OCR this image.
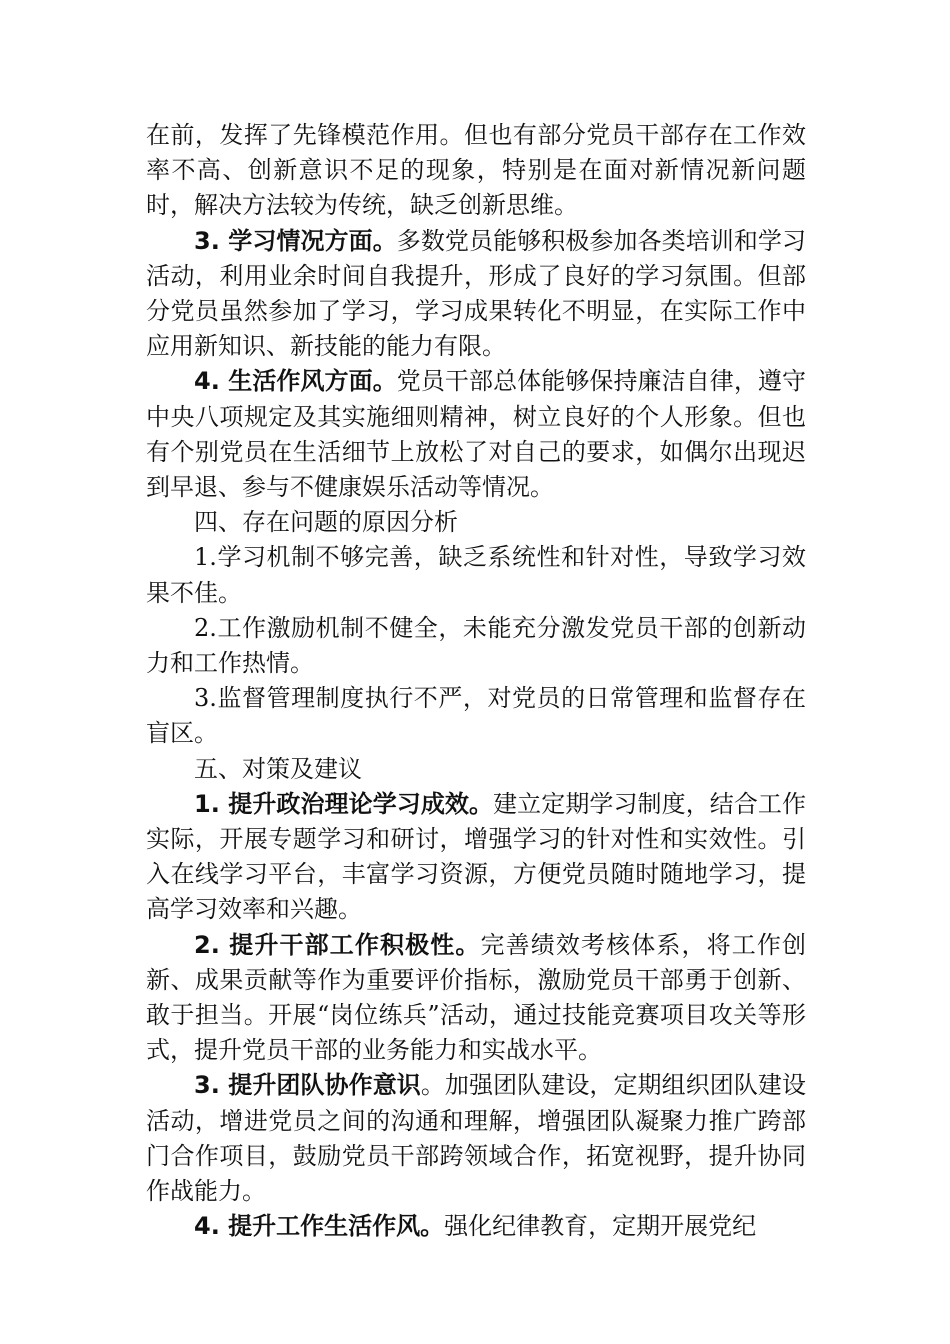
在前，发挥了先锋模范作用。但也有部分党员干部存在工作效率不高、创新意识不足的现象，特别是在面对新情况新问题时，解决方法较为传统，缺乏创新思维。

3. 学习情况方面。多数党员能够积极参加各类培训和学习活动，利用业余时间自我提升，形成了良好的学习氛围。但部分党员虽然参加了学习，学习成果转化不明显，在实际工作中应用新知识、新技能的能力有限。

4. 生活作风方面。党员干部总体能够保持廉洁自律，遵守中央八项规定及其实施细则精神，树立良好的个人形象。但也有个别党员在生活细节上放松了对自己的要求，如偶尔出现迟到早退、参与不健康娱乐活动等情况。

四、存在问题的原因分析

1.学习机制不够完善，缺乏系统性和针对性，导致学习效果不佳。

2.工作激励机制不健全，未能充分激发党员干部的创新动力和工作热情。

3.监督管理制度执行不严，对党员的日常管理和监督存在盲区。

五、对策及建议

1. 提升政治理论学习成效。建立定期学习制度，结合工作实际，开展专题学习和研讨，增强学习的针对性和实效性。引入在线学习平台，丰富学习资源，方便党员随时随地学习，提高学习效率和兴趣。

2. 提升干部工作积极性。完善绩效考核体系，将工作创新、成果贡献等作为重要评价指标，激励党员干部勇于创新、敢于担当。开展“岗位练兵”活动，通过技能竞赛项目攻关等形式，提升党员干部的业务能力和实战水平。

3. 提升团队协作意识。加强团队建设，定期组织团队建设活动，增进党员之间的沟通和理解，增强团队凝聚力推广跨部门合作项目，鼓励党员干部跨领域合作，拓宽视野，提升协同作战能力。

4. 提升工作生活作风。强化纪律教育，定期开展党纪
